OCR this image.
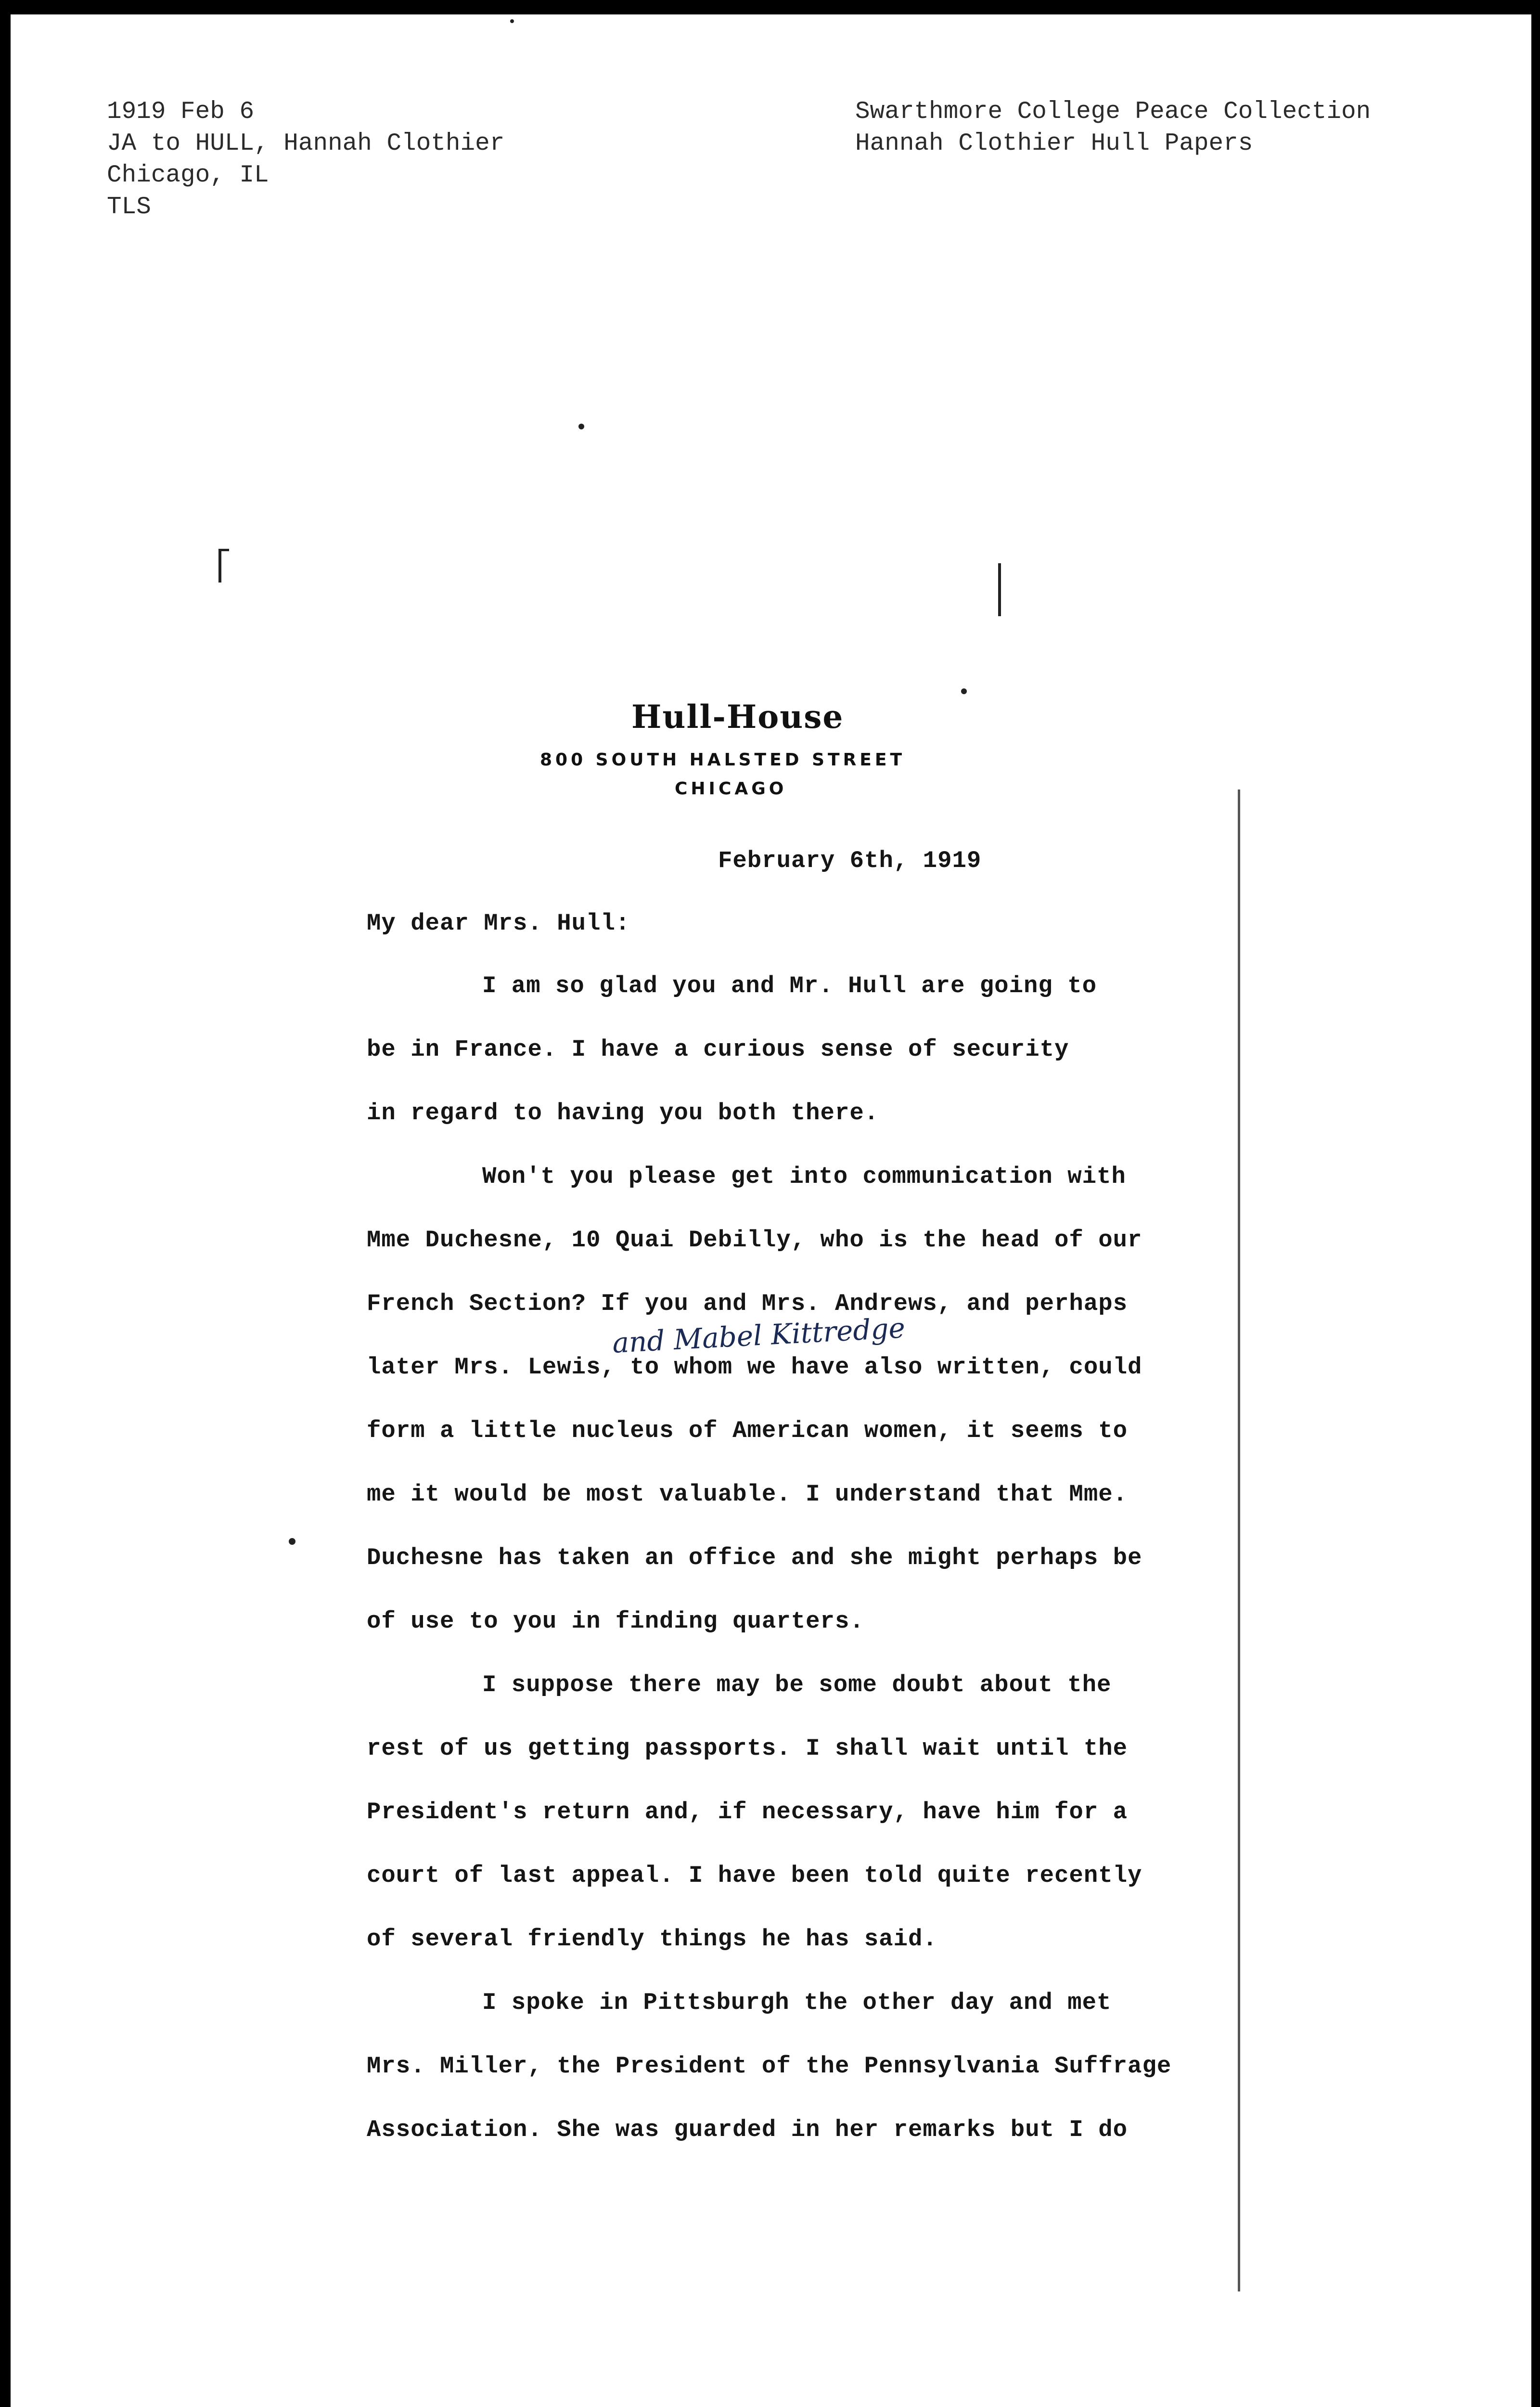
1919 Feb 6
JA to HULL, Hannah Clothier
Chicago, IL
TLS
Swarthmore College Peace Collection
Hannah Clothier Hull Papers
Hull-House
800 SOUTH HALSTED STREET
CHICAGO
February 6th, 1919
My dear Mrs. Hull:
I am so glad you and Mr. Hull are going to
be in France. I have a curious sense of security
in regard to having you both there.
Won't you please get into communication with
Mme Duchesne, 10 Quai Debilly, who is the head of our
French Section? If you and Mrs. Andrews, and perhaps
and Mabel Kittredge
later Mrs. Lewis, to whom we have also written, could
form a little nucleus of American women, it seems to
me it would be most valuable. I understand that Mme.
Duchesne has taken an office and she might perhaps be
of use to you in finding quarters.
I suppose there may be some doubt about the
rest of us getting passports. I shall wait until the
President's return and, if necessary, have him for a
court of last appeal. I have been told quite recently
of several friendly things he has said.
I spoke in Pittsburgh the other day and met
Mrs. Miller, the President of the Pennsylvania Suffrage
Association. She was guarded in her remarks but I do
